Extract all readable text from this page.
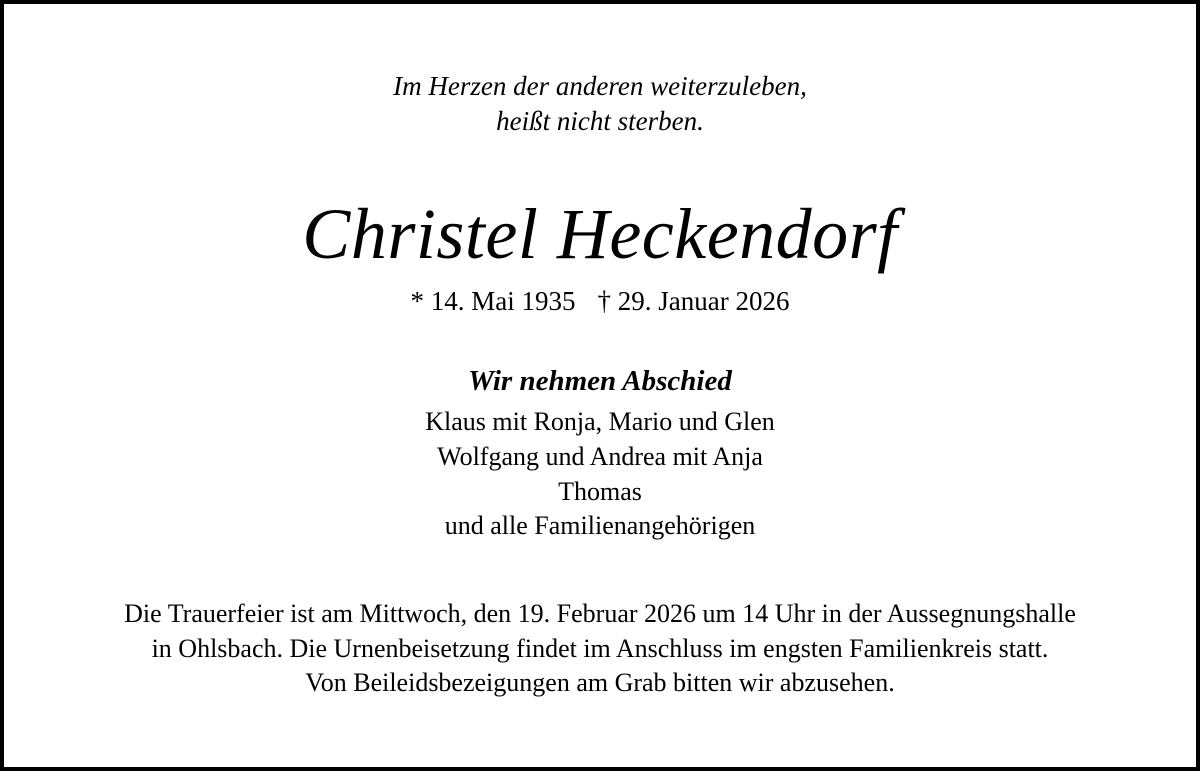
Im Herzen der anderen weiterzuleben,
heißt nicht sterben.
Christel Heckendorf
* 14. Mai 1935 † 29. Januar 2026
Wir nehmen Abschied
Klaus mit Ronja, Mario und Glen
Wolfgang und Andrea mit Anja
Thomas
und alle Familienangehörigen
Die Trauerfeier ist am Mittwoch, den 19. Februar 2026 um 14 Uhr in der Aussegnungshalle
in Ohlsbach. Die Urnenbeisetzung findet im Anschluss im engsten Familienkreis statt.
Von Beileidsbezeigungen am Grab bitten wir abzusehen.
